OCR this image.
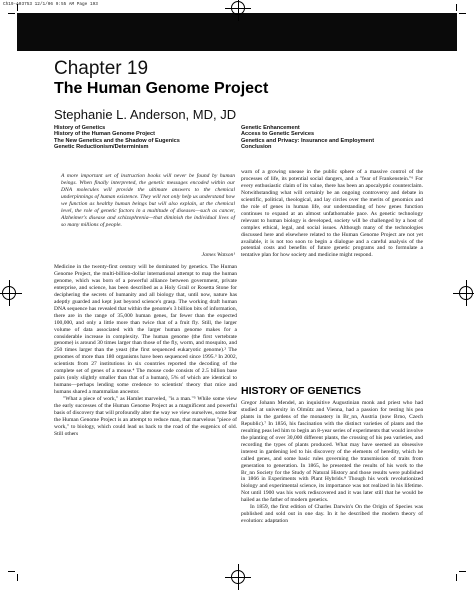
Ch19-A03753 12/1/06 9:55 AM Page 193
Chapter 19
The Human Genome Project
Stephanie L. Anderson, MD, JD
History of Genetics
History of the Human Genome Project
The New Genetics and the Shadow of Eugenics
Genetic Reductionism/Determinism
Genetic Enhancement
Access to Genetic Services
Genetics and Privacy: Insurance and Employment
Conclusion
A more important set of instruction books will never be found by human beings. When finally interpreted, the genetic messages encoded within our DNA molecules will provide the ultimate answers to the chemical underpinnings of human existence. They will not only help us understand how we function as healthy human beings but will also explain, at the chemical level, the role of genetic factors in a multitude of diseases—such as cancer, Alzheimer's disease and schizophrenia—that diminish the individual lives of so many millions of people.
James Watson¹

Medicine in the twenty-first century will be dominated by genetics. The Human Genome Project, the multi-billion-dollar international attempt to map the human genome, which was born of a powerful alliance between government, private enterprise, and science, has been described as a Holy Grail or Rosetta Stone for deciphering the secrets of humanity and all biology that, until now, nature has adeptly guarded and kept just beyond science's grasp. The working draft human DNA sequence has revealed that within the genome's 3 billion bits of information, there are in the range of 35,000 human genes, far fewer than the expected 100,000, and only a little more than twice that of a fruit fly. Still, the larger volume of data associated with the larger human genome makes for a considerable increase in complexity. The human genome (the first vertebrate genome) is around 30 times larger than those of the fly, worm, and mosquito, and 250 times larger than the yeast (the first sequenced eukaryotic genome).² The genomes of more than 180 organisms have been sequenced since 1995.³ In 2002, scientists from 27 institutions in six countries reported the decoding of the complete set of genes of a mouse.⁴ The mouse code consists of 2.5 billion base pairs (only slightly smaller than that of a human), 5% of which are identical to humans—perhaps lending some credence to scientists' theory that mice and humans shared a mammalian ancestor.

"What a piece of work," as Hamlet marveled, "is a man."⁵ While some view the early successes of the Human Genome Project as a magnificent and powerful basis of discovery that will profoundly alter the way we view ourselves, some fear the Human Genome Project is an attempt to reduce man, that marvelous "piece of work," to biology, which could lead us back to the road of the eugenics of old. Still others

warn of a growing unease in the public sphere of a massive control of the processes of life, its potential social dangers, and a "fear of Frankenstein."⁶ For every enthusiastic claim of its value, there has been an apocalyptic counterclaim. Notwithstanding what will certainly be an ongoing controversy and debate in scientific, political, theological, and lay circles over the merits of genomics and the role of genes in human life, our understanding of how genes function continues to expand at an almost unfathomable pace. As genetic technology relevant to human biology is developed, society will be challenged by a host of complex ethical, legal, and social issues. Although many of the technologies discussed here and elsewhere related to the Human Genome Project are not yet available, it is not too soon to begin a dialogue and a careful analysis of the potential costs and benefits of future genetic programs and to formulate a tentative plan for how society and medicine might respond.

HISTORY OF GENETICS

Gregor Johann Mendel, an inquisitive Augustinian monk and priest who had studied at university in Olmütz and Vienna, had a passion for testing his pea plants in the gardens of the monastery in Br_nn, Austria (now Brno, Czech Republic).⁷ In 1856, his fascination with the distinct varieties of plants and the resulting peas led him to begin an 8-year series of experiments that would involve the planting of over 30,000 different plants, the crossing of his pea varieties, and recording the types of plants produced. What may have seemed an obsessive interest in gardening led to his discovery of the elements of heredity, which he called genes, and some basic rules governing the transmission of traits from generation to generation. In 1865, he presented the results of his work to the Br_nn Society for the Study of Natural History and those results were published in 1866 in Experiments with Plant Hybrids.⁸ Though his work revolutionized biology and experimental science, its importance was not realized in his lifetime. Not until 1900 was his work rediscovered and it was later still that he would be hailed as the father of modern genetics.

In 1859, the first edition of Charles Darwin's On the Origin of Species was published and sold out in one day. In it he described the modern theory of evolution: adaptation
